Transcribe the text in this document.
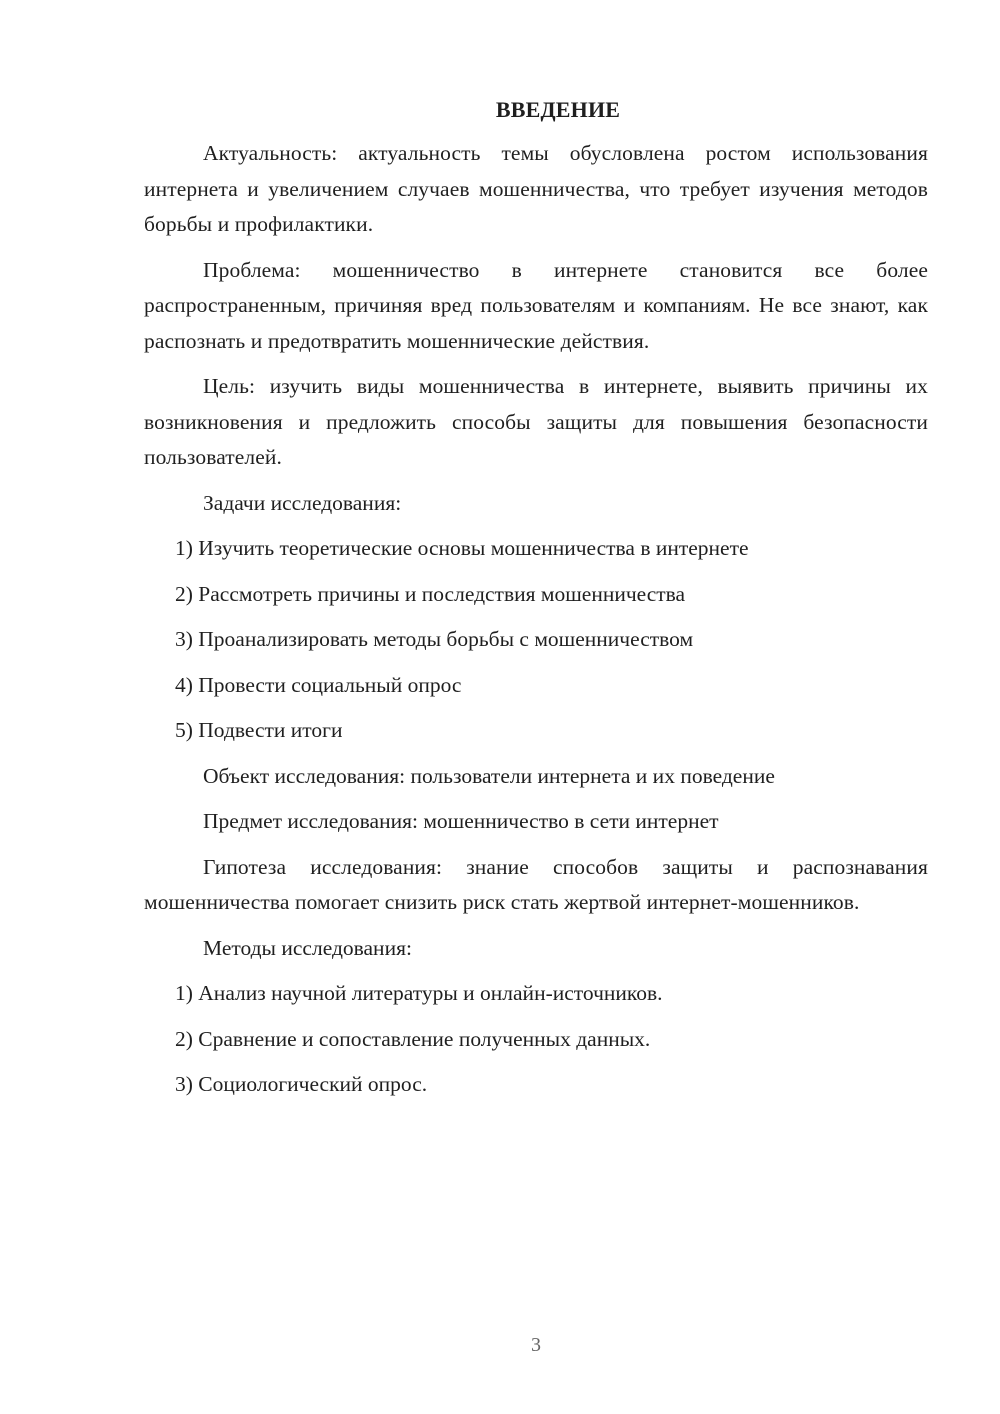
ВВЕДЕНИЕ

Актуальность: актуальность темы обусловлена ростом использования интернета и увеличением случаев мошенничества, что требует изучения методов борьбы и профилактики.

Проблема: мошенничество в интернете становится все более распространенным, причиняя вред пользователям и компаниям. Не все знают, как распознать и предотвратить мошеннические действия.

Цель: изучить виды мошенничества в интернете, выявить причины их возникновения и предложить способы защиты для повышения безопасности пользователей.

Задачи исследования:

1) Изучить теоретические основы мошенничества в интернете

2) Рассмотреть причины и последствия мошенничества

3) Проанализировать методы борьбы с мошенничеством

4) Провести социальный опрос

5) Подвести итоги

Объект исследования: пользователи интернета и их поведение

Предмет исследования: мошенничество в сети интернет

Гипотеза исследования: знание способов защиты и распознавания мошенничества помогает снизить риск стать жертвой интернет-мошенников.

Методы исследования:

1) Анализ научной литературы и онлайн-источников.

2) Сравнение и сопоставление полученных данных.

3) Социологический опрос.

3
